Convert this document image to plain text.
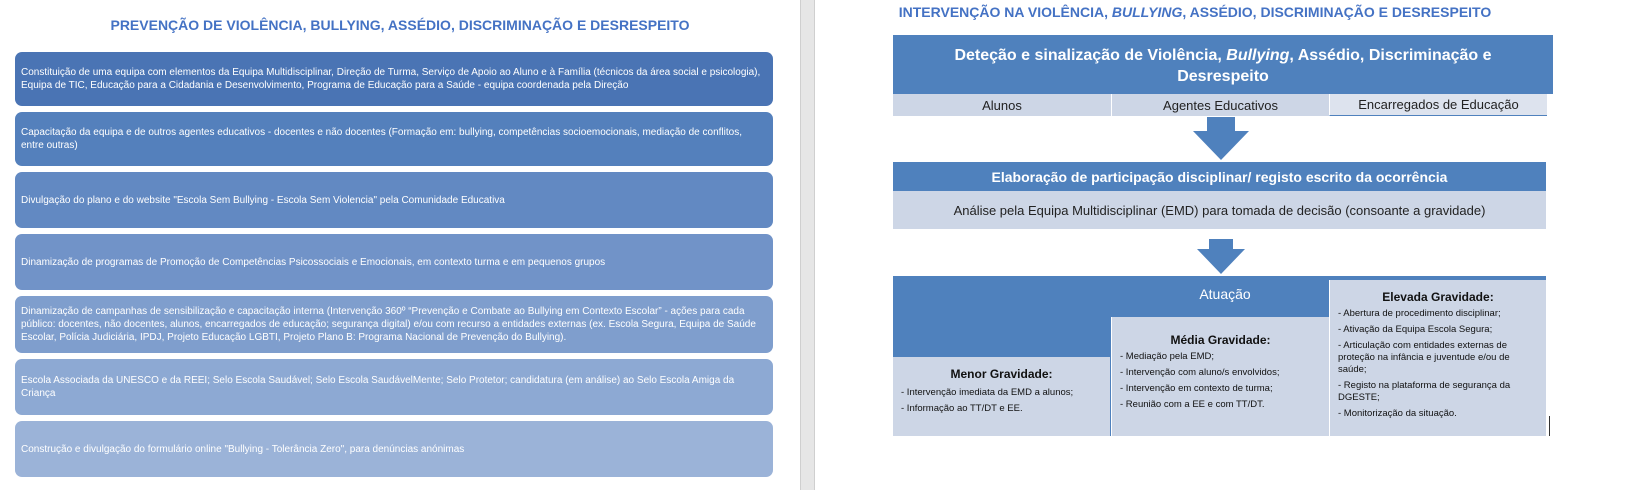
PREVENÇÃO DE VIOLÊNCIA, BULLYING, ASSÉDIO, DISCRIMINAÇÃO E DESRESPEITO
Constituição de uma equipa com elementos da Equipa Multidisciplinar, Direção de Turma, Serviço de Apoio ao Aluno e à Família (técnicos da área social e psicologia), Equipa de TIC, Educação para a Cidadania e Desenvolvimento, Programa de Educação para a Saúde - equipa coordenada pela Direção
Capacitação da equipa e de outros agentes educativos - docentes e não docentes (Formação em: bullying, competências socioemocionais, mediação de conflitos, entre outras)
Divulgação do plano e do website "Escola Sem Bullying - Escola Sem Violencia" pela Comunidade Educativa
Dinamização de programas de Promoção de Competências Psicossociais e Emocionais, em contexto turma e em pequenos grupos
Dinamização de campanhas de sensibilização e capacitação interna (Intervenção 360º “Prevenção e Combate ao Bullying em Contexto Escolar” - ações para cada público: docentes, não docentes, alunos, encarregados de educação; segurança digital) e/ou com recurso a entidades externas (ex. Escola Segura, Equipa de Saúde Escolar, Polícia Judiciária, IPDJ, Projeto Educação LGBTI, Projeto Plano B: Programa Nacional de Prevenção do Bullying).
Escola Associada da UNESCO e da REEI; Selo Escola Saudável; Selo Escola SaudávelMente; Selo Protetor; candidatura (em análise) ao Selo Escola Amiga da Criança
Construção e divulgação do formulário online "Bullying - Tolerância Zero", para denúncias anónimas
INTERVENÇÃO NA VIOLÊNCIA, BULLYING, ASSÉDIO, DISCRIMINAÇÃO E DESRESPEITO
Deteção e sinalização de Violência, Bullying, Assédio, Discriminação e Desrespeito
Alunos	Agentes Educativos	Encarregados de Educação
Elaboração de participação disciplinar/ registo escrito da ocorrência
Análise pela Equipa Multidisciplinar (EMD) para tomada de decisão (consoante a gravidade)
Atuação
Menor Gravidade:
- Intervenção imediata da EMD a alunos;
- Informação ao TT/DT e EE.
Média Gravidade:
- Mediação pela EMD;
- Intervenção com aluno/s envolvidos;
- Intervenção em contexto de turma;
- Reunião com a EE e com TT/DT.
Elevada Gravidade:
- Abertura de procedimento disciplinar;
- Ativação da Equipa Escola Segura;
- Articulação com entidades externas de proteção na infância e juventude e/ou de saúde;
- Registo na plataforma de segurança da DGESTE;
- Monitorização da situação.
